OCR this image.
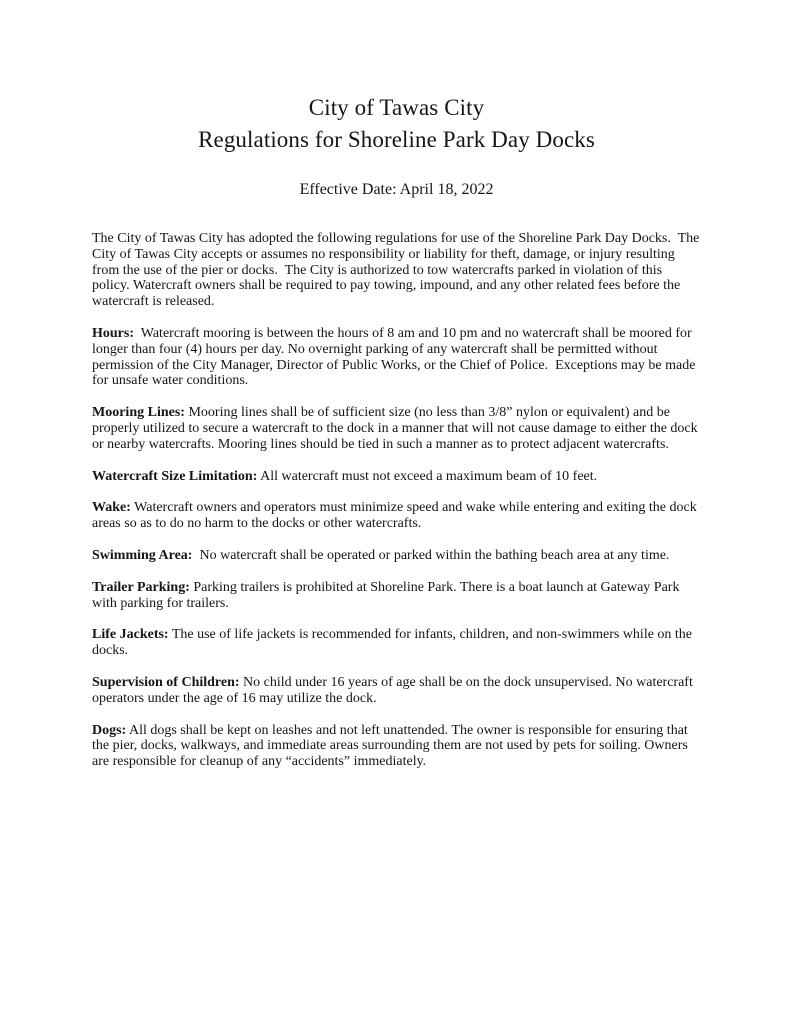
City of Tawas City
Regulations for Shoreline Park Day Docks
Effective Date: April 18, 2022

The City of Tawas City has adopted the following regulations for use of the Shoreline Park Day Docks.  The City of Tawas City accepts or assumes no responsibility or liability for theft, damage, or injury resulting from the use of the pier or docks.  The City is authorized to tow watercrafts parked in violation of this policy. Watercraft owners shall be required to pay towing, impound, and any other related fees before the watercraft is released.

Hours:  Watercraft mooring is between the hours of 8 am and 10 pm and no watercraft shall be moored for longer than four (4) hours per day. No overnight parking of any watercraft shall be permitted without permission of the City Manager, Director of Public Works, or the Chief of Police.  Exceptions may be made for unsafe water conditions.

Mooring Lines: Mooring lines shall be of sufficient size (no less than 3/8” nylon or equivalent) and be properly utilized to secure a watercraft to the dock in a manner that will not cause damage to either the dock or nearby watercrafts. Mooring lines should be tied in such a manner as to protect adjacent watercrafts.

Watercraft Size Limitation: All watercraft must not exceed a maximum beam of 10 feet.

Wake: Watercraft owners and operators must minimize speed and wake while entering and exiting the dock areas so as to do no harm to the docks or other watercrafts.

Swimming Area:  No watercraft shall be operated or parked within the bathing beach area at any time.

Trailer Parking: Parking trailers is prohibited at Shoreline Park. There is a boat launch at Gateway Park with parking for trailers.

Life Jackets: The use of life jackets is recommended for infants, children, and non-swimmers while on the docks.

Supervision of Children: No child under 16 years of age shall be on the dock unsupervised. No watercraft operators under the age of 16 may utilize the dock.

Dogs: All dogs shall be kept on leashes and not left unattended. The owner is responsible for ensuring that the pier, docks, walkways, and immediate areas surrounding them are not used by pets for soiling. Owners are responsible for cleanup of any “accidents” immediately.
